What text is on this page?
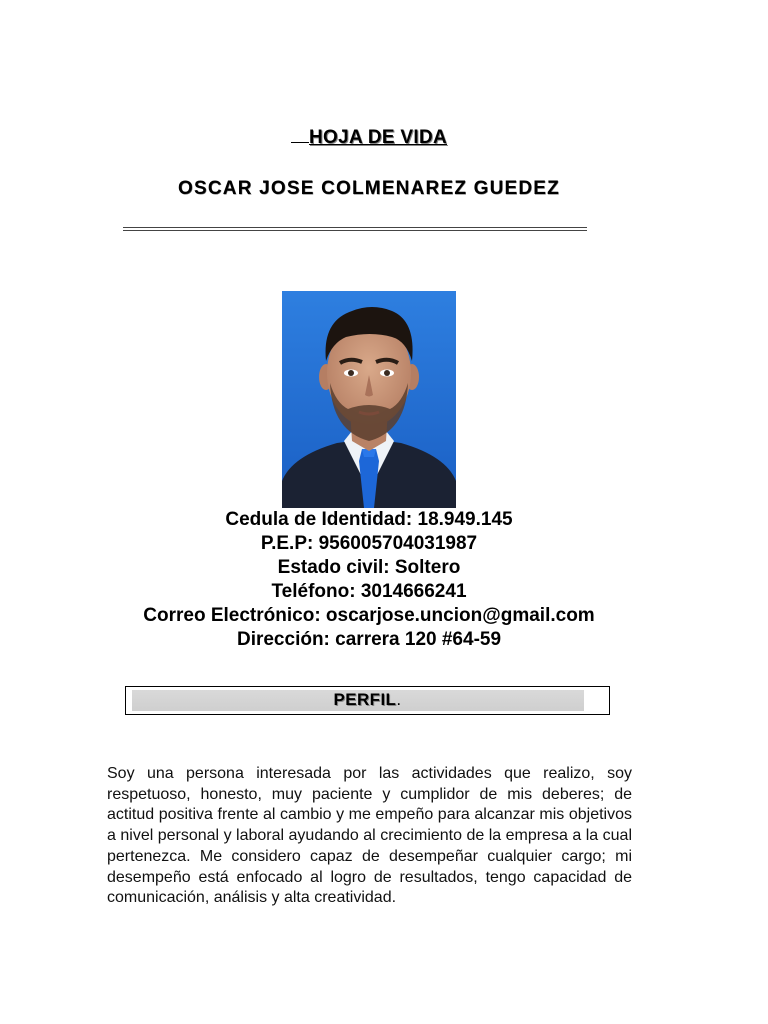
HOJA DE VIDA
OSCAR JOSE COLMENAREZ GUEDEZ
Cedula de Identidad: 18.949.145
P.E.P: 956005704031987
Estado civil: Soltero
Teléfono: 3014666241
Correo Electrónico: oscarjose.uncion@gmail.com
Dirección: carrera 120 #64-59
PERFIL.
Soy una persona interesada por las actividades que realizo, soy respetuoso, honesto, muy paciente y cumplidor de mis deberes; de actitud positiva frente al cambio y me empeño para alcanzar mis objetivos a nivel personal y laboral ayudando al crecimiento de la empresa a la cual pertenezca. Me considero capaz de desempeñar cualquier cargo; mi desempeño está enfocado al logro de resultados, tengo capacidad de comunicación, análisis y alta creatividad.
